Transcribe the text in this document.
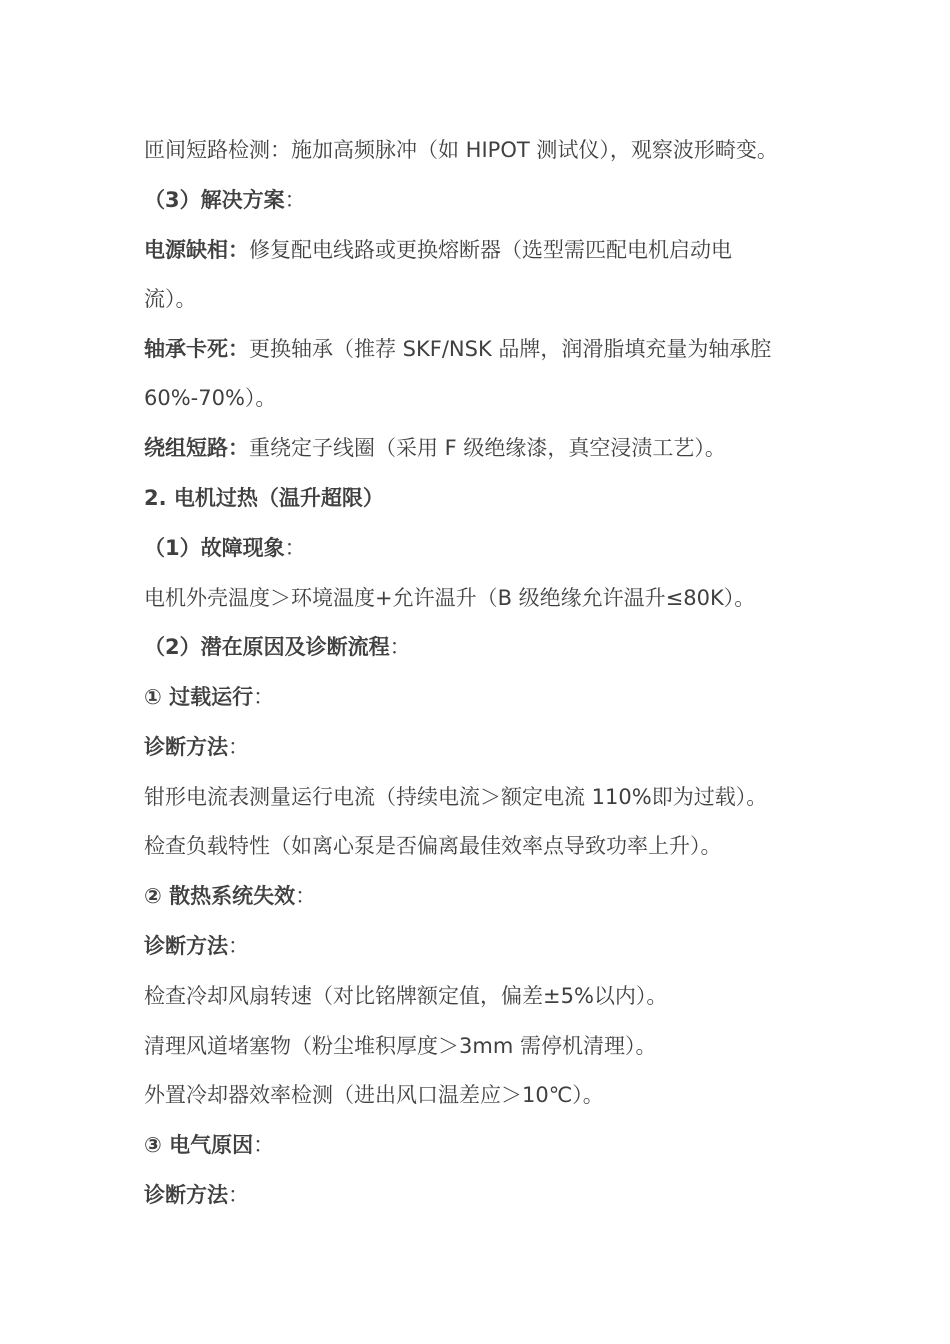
匝间短路检测：施加高频脉冲（如 HIPOT 测试仪），观察波形畸变。
（3）解决方案：
电源缺相：修复配电线路或更换熔断器（选型需匹配电机启动电
流）。
轴承卡死：更换轴承（推荐 SKF/NSK 品牌，润滑脂填充量为轴承腔
60%-70%）。
绕组短路：重绕定子线圈（采用 F 级绝缘漆，真空浸渍工艺）。
2. 电机过热（温升超限）
（1）故障现象：
电机外壳温度＞环境温度+允许温升（B 级绝缘允许温升≤80K）。
（2）潜在原因及诊断流程：
① 过载运行：
诊断方法：
钳形电流表测量运行电流（持续电流＞额定电流 110%即为过载）。
检查负载特性（如离心泵是否偏离最佳效率点导致功率上升）。
② 散热系统失效：
诊断方法：
检查冷却风扇转速（对比铭牌额定值，偏差±5%以内）。
清理风道堵塞物（粉尘堆积厚度＞3mm 需停机清理）。
外置冷却器效率检测（进出风口温差应＞10℃）。
③ 电气原因：
诊断方法：
